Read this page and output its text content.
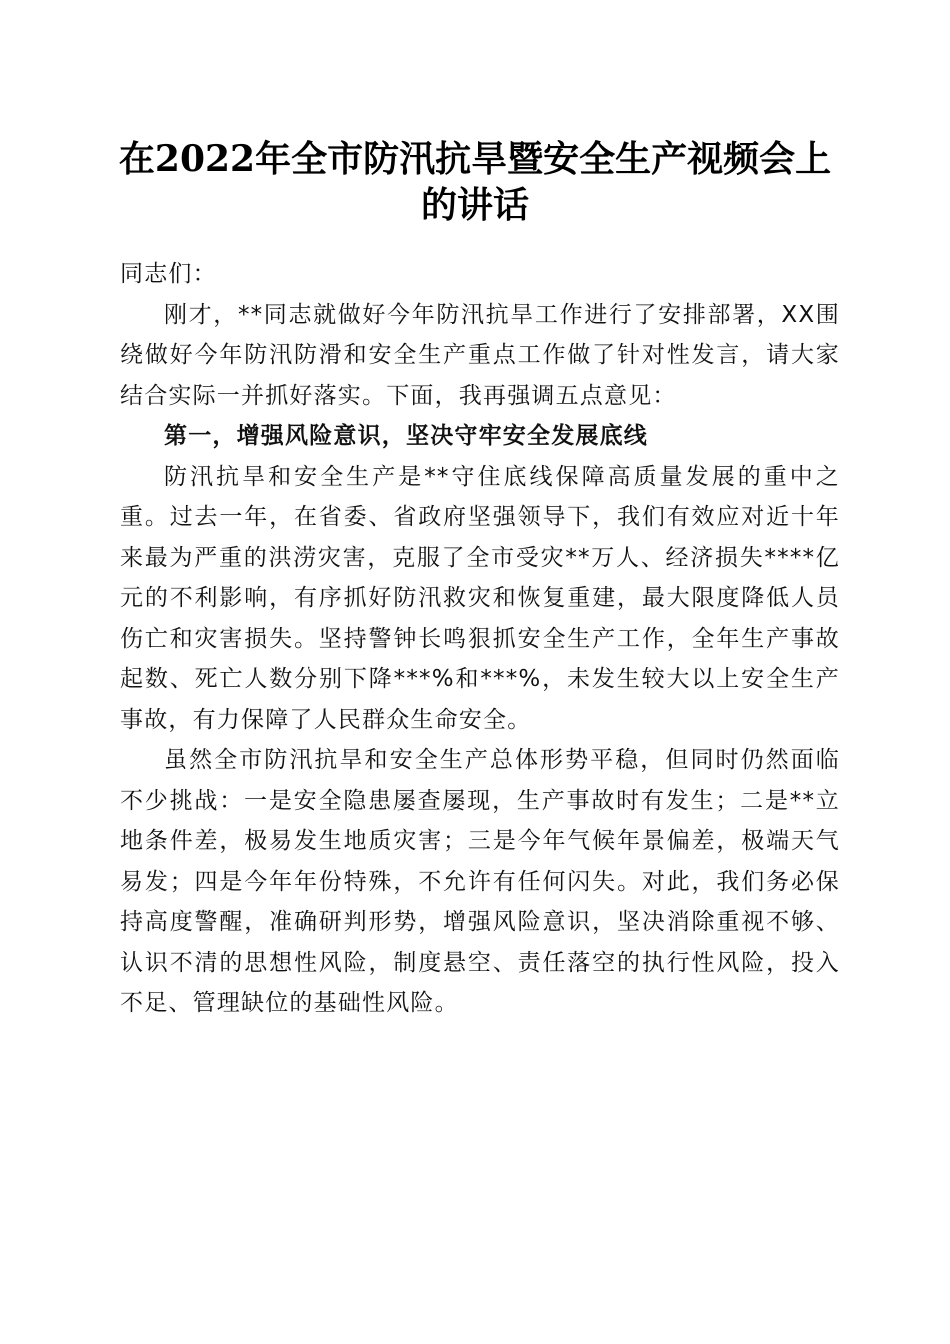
在2022年全市防汛抗旱暨安全生产视频会上
的讲话

同志们：

刚才，**同志就做好今年防汛抗旱工作进行了安排部署，XX围绕做好今年防汛防滑和安全生产重点工作做了针对性发言，请大家结合实际一并抓好落实。下面，我再强调五点意见：

第一，增强风险意识，坚决守牢安全发展底线

防汛抗旱和安全生产是**守住底线保障高质量发展的重中之重。过去一年，在省委、省政府坚强领导下，我们有效应对近十年来最为严重的洪涝灾害，克服了全市受灾**万人、经济损失****亿元的不利影响，有序抓好防汛救灾和恢复重建，最大限度降低人员伤亡和灾害损失。坚持警钟长鸣狠抓安全生产工作，全年生产事故起数、死亡人数分别下降***%和***%，未发生较大以上安全生产事故，有力保障了人民群众生命安全。

虽然全市防汛抗旱和安全生产总体形势平稳，但同时仍然面临不少挑战：一是安全隐患屡查屡现，生产事故时有发生；二是**立地条件差，极易发生地质灾害；三是今年气候年景偏差，极端天气易发；四是今年年份特殊，不允许有任何闪失。对此，我们务必保持高度警醒，准确研判形势，增强风险意识，坚决消除重视不够、认识不清的思想性风险，制度悬空、责任落空的执行性风险，投入不足、管理缺位的基础性风险。
